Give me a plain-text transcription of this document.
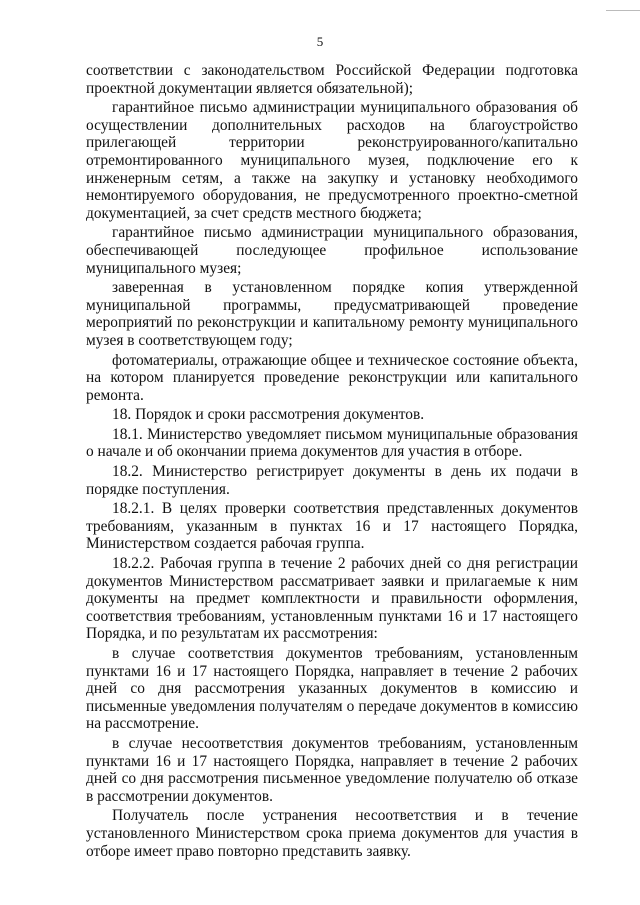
5

соответствии с законодательством Российской Федерации подготовка проектной документации является обязательной);

гарантийное письмо администрации муниципального образования об осуществлении дополнительных расходов на благоустройство прилегающей территории реконструированного/капитально отремонтированного муниципального музея, подключение его к инженерным сетям, а также на закупку и установку необходимого немонтируемого оборудования, не предусмотренного проектно-сметной документацией, за счет средств местного бюджета;

гарантийное письмо администрации муниципального образования, обеспечивающей последующее профильное использование муниципального музея;

заверенная в установленном порядке копия утвержденной муниципальной программы, предусматривающей проведение мероприятий по реконструкции и капитальному ремонту муниципального музея в соответствующем году;

фотоматериалы, отражающие общее и техническое состояние объекта, на котором планируется проведение реконструкции или капитального ремонта.

18. Порядок и сроки рассмотрения документов.

18.1. Министерство уведомляет письмом муниципальные образования о начале и об окончании приема документов для участия в отборе.

18.2. Министерство регистрирует документы в день их подачи в порядке поступления.

18.2.1. В целях проверки соответствия представленных документов требованиям, указанным в пунктах 16 и 17 настоящего Порядка, Министерством создается рабочая группа.

18.2.2. Рабочая группа в течение 2 рабочих дней со дня регистрации документов Министерством рассматривает заявки и прилагаемые к ним документы на предмет комплектности и правильности оформления, соответствия требованиям, установленным пунктами 16 и 17 настоящего Порядка, и по результатам их рассмотрения:

в случае соответствия документов требованиям, установленным пунктами 16 и 17 настоящего Порядка, направляет в течение 2 рабочих дней со дня рассмотрения указанных документов в комиссию и письменные уведомления получателям о передаче документов в комиссию на рассмотрение.

в случае несоответствия документов требованиям, установленным пунктами 16 и 17 настоящего Порядка, направляет в течение 2 рабочих дней со дня рассмотрения письменное уведомление получателю об отказе в рассмотрении документов.

Получатель после устранения несоответствия и в течение установленного Министерством срока приема документов для участия в отборе имеет право повторно представить заявку.
